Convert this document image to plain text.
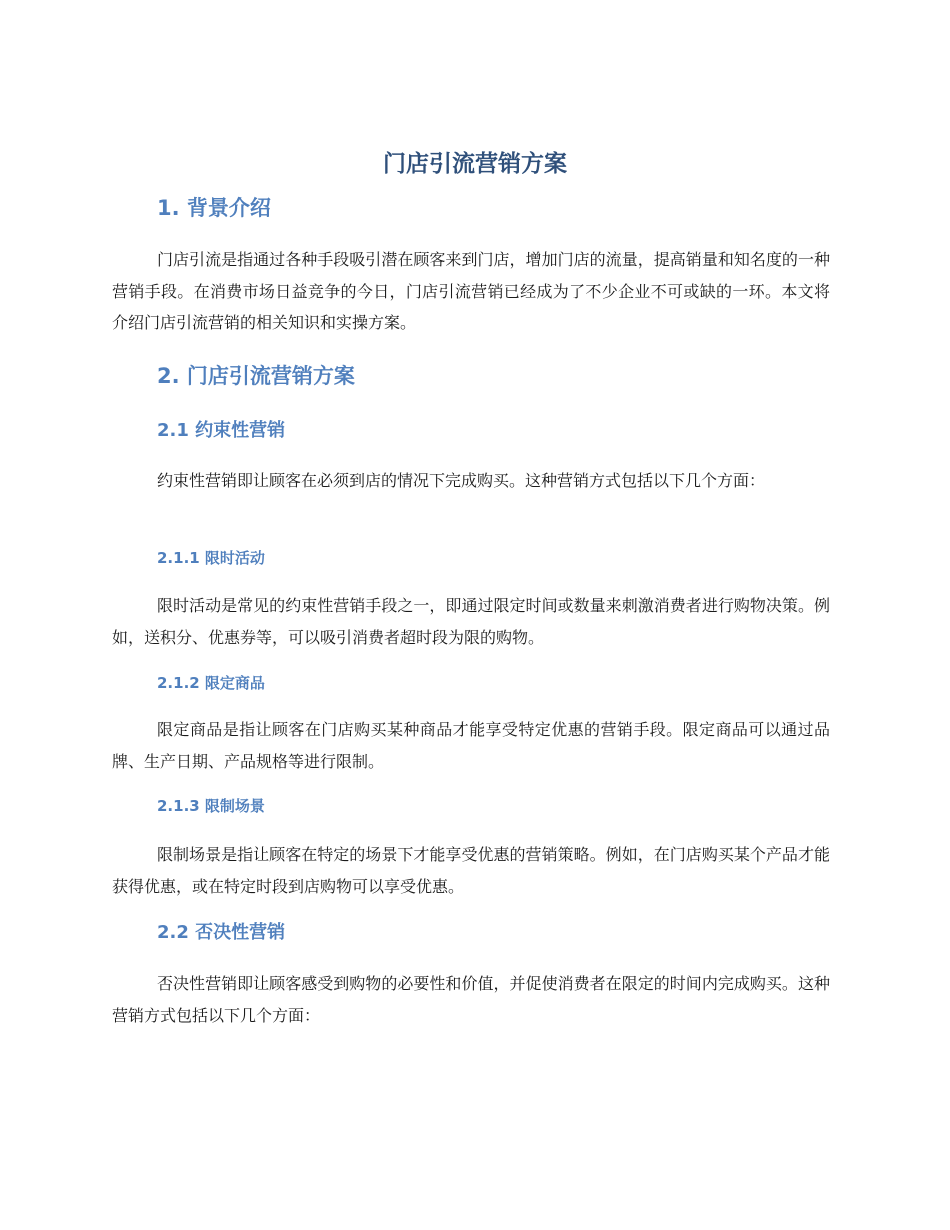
门店引流营销方案
1. 背景介绍

门店引流是指通过各种手段吸引潜在顾客来到门店，增加门店的流量，提高销量和知名度的一种营销手段。在消费市场日益竞争的今日，门店引流营销已经成为了不少企业不可或缺的一环。本文将介绍门店引流营销的相关知识和实操方案。

2. 门店引流营销方案
2.1 约束性营销

约束性营销即让顾客在必须到店的情况下完成购买。这种营销方式包括以下几个方面：

2.1.1 限时活动

限时活动是常见的约束性营销手段之一，即通过限定时间或数量来刺激消费者进行购物决策。例如，送积分、优惠券等，可以吸引消费者超时段为限的购物。

2.1.2 限定商品

限定商品是指让顾客在门店购买某种商品才能享受特定优惠的营销手段。限定商品可以通过品牌、生产日期、产品规格等进行限制。

2.1.3 限制场景

限制场景是指让顾客在特定的场景下才能享受优惠的营销策略。例如，在门店购买某个产品才能获得优惠，或在特定时段到店购物可以享受优惠。

2.2 否决性营销

否决性营销即让顾客感受到购物的必要性和价值，并促使消费者在限定的时间内完成购买。这种营销方式包括以下几个方面：
